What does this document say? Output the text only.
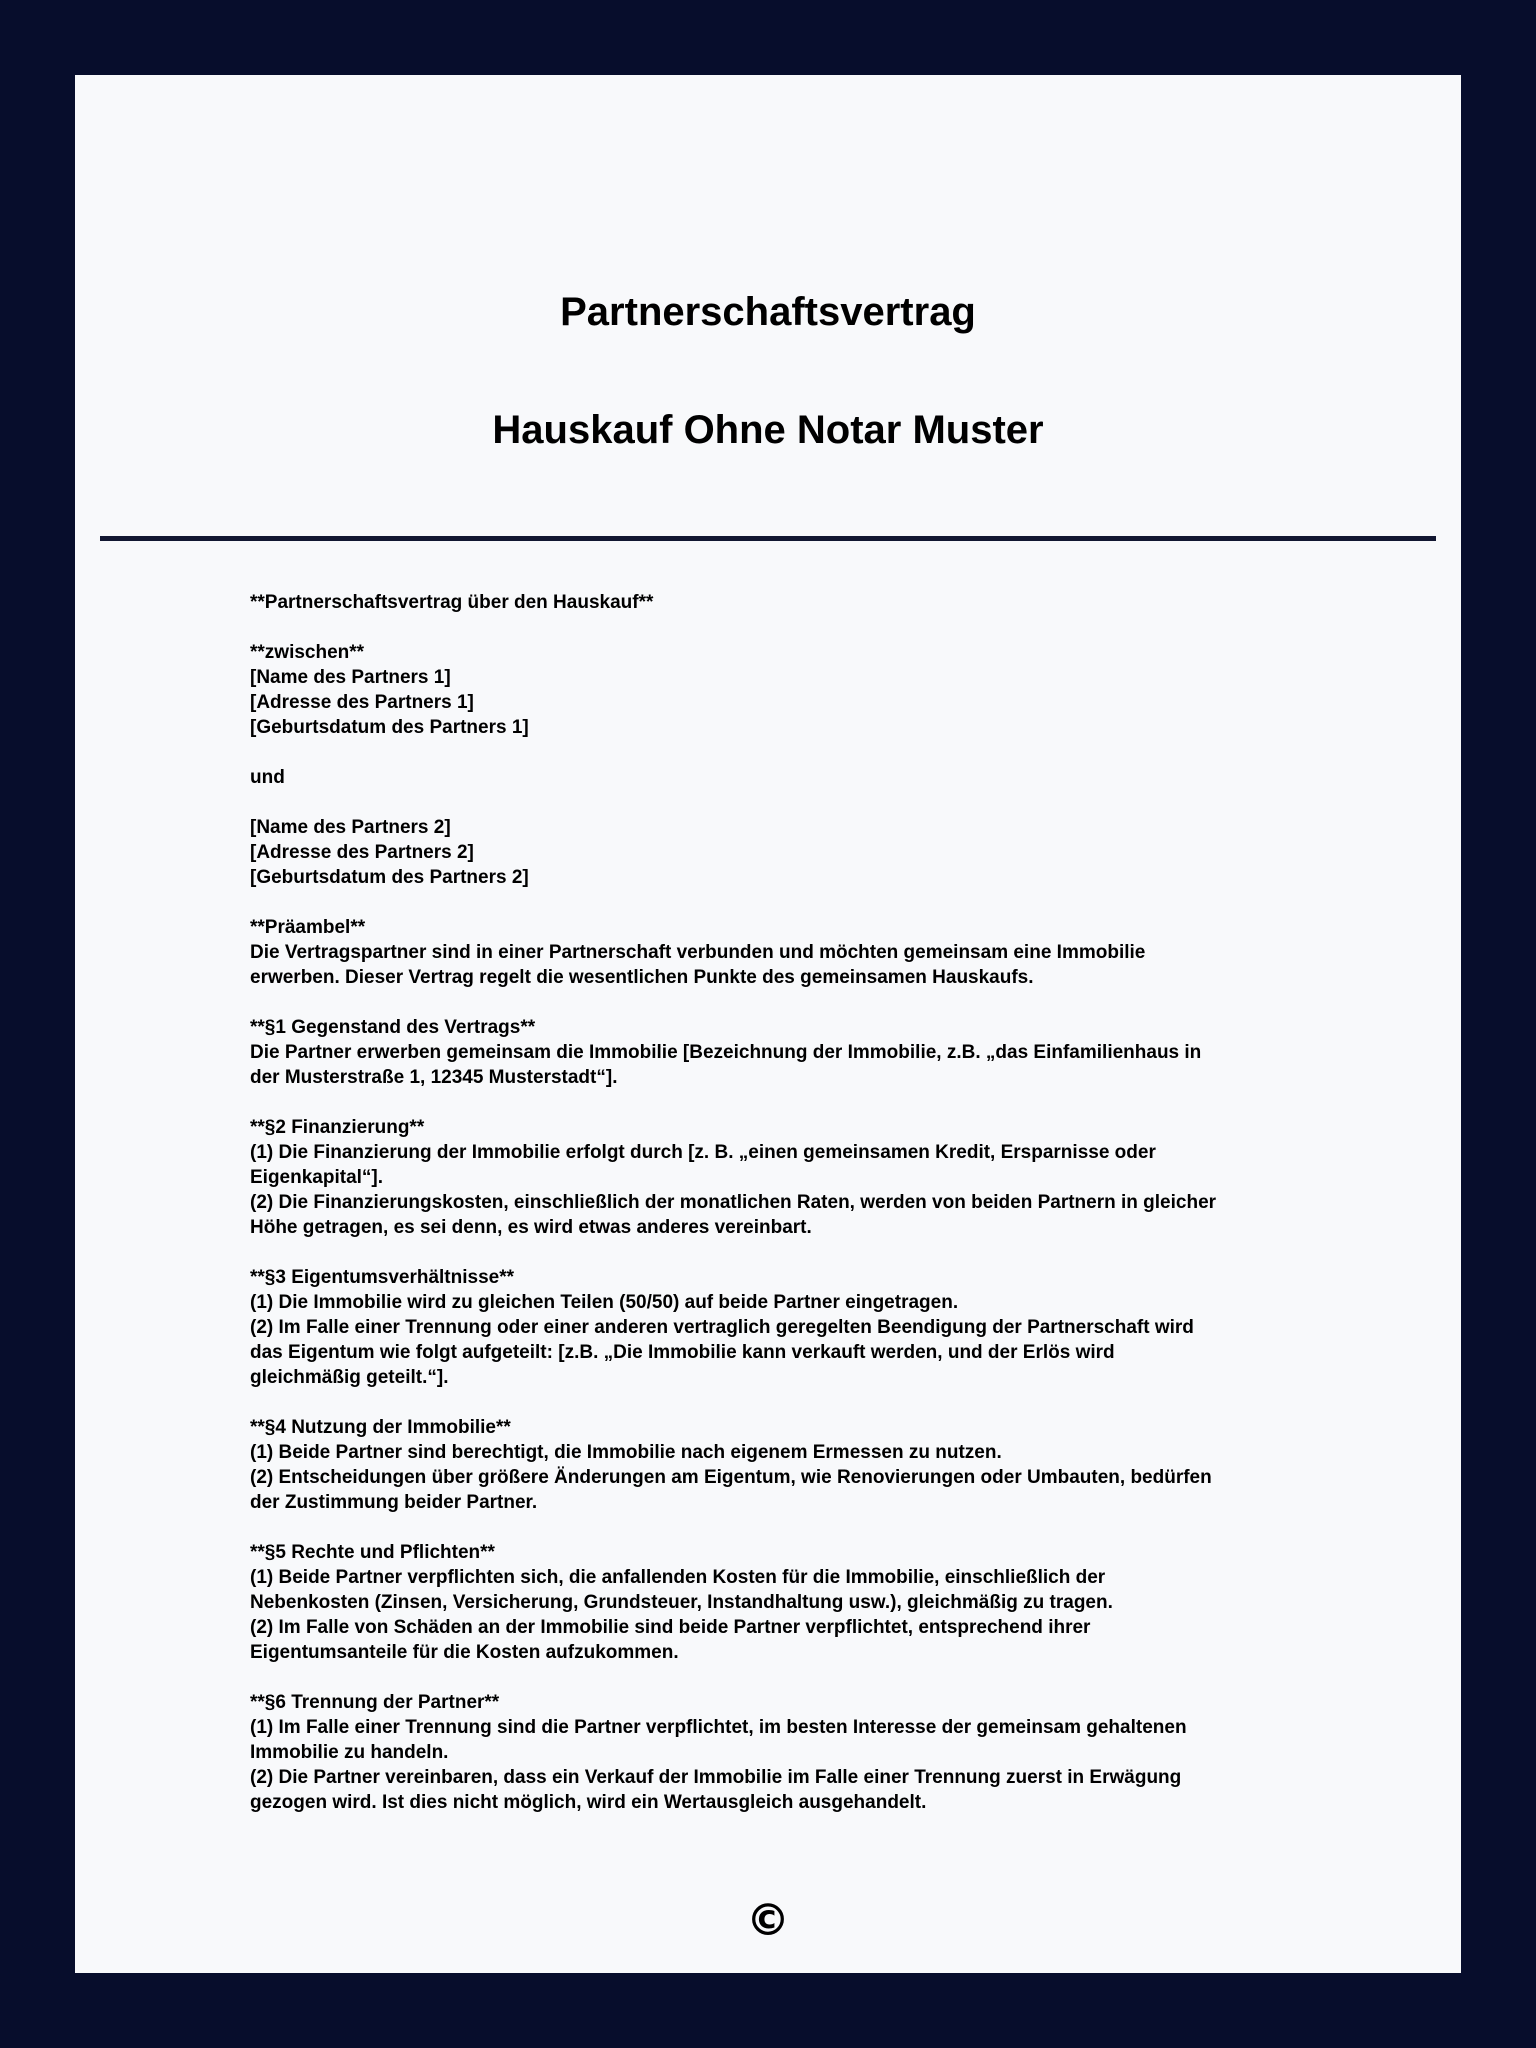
Partnerschaftsvertrag
Hauskauf Ohne Notar Muster
**Partnerschaftsvertrag über den Hauskauf**
**zwischen**
[Name des Partners 1]
[Adresse des Partners 1]
[Geburtsdatum des Partners 1]
und
[Name des Partners 2]
[Adresse des Partners 2]
[Geburtsdatum des Partners 2]
**Präambel**
Die Vertragspartner sind in einer Partnerschaft verbunden und möchten gemeinsam eine Immobilie
erwerben. Dieser Vertrag regelt die wesentlichen Punkte des gemeinsamen Hauskaufs.
**§1 Gegenstand des Vertrags**
Die Partner erwerben gemeinsam die Immobilie [Bezeichnung der Immobilie, z.B. „das Einfamilienhaus in
der Musterstraße 1, 12345 Musterstadt“].
**§2 Finanzierung**
(1) Die Finanzierung der Immobilie erfolgt durch [z. B. „einen gemeinsamen Kredit, Ersparnisse oder
Eigenkapital“].
(2) Die Finanzierungskosten, einschließlich der monatlichen Raten, werden von beiden Partnern in gleicher
Höhe getragen, es sei denn, es wird etwas anderes vereinbart.
**§3 Eigentumsverhältnisse**
(1) Die Immobilie wird zu gleichen Teilen (50/50) auf beide Partner eingetragen.
(2) Im Falle einer Trennung oder einer anderen vertraglich geregelten Beendigung der Partnerschaft wird
das Eigentum wie folgt aufgeteilt: [z.B. „Die Immobilie kann verkauft werden, und der Erlös wird
gleichmäßig geteilt.“].
**§4 Nutzung der Immobilie**
(1) Beide Partner sind berechtigt, die Immobilie nach eigenem Ermessen zu nutzen.
(2) Entscheidungen über größere Änderungen am Eigentum, wie Renovierungen oder Umbauten, bedürfen
der Zustimmung beider Partner.
**§5 Rechte und Pflichten**
(1) Beide Partner verpflichten sich, die anfallenden Kosten für die Immobilie, einschließlich der
Nebenkosten (Zinsen, Versicherung, Grundsteuer, Instandhaltung usw.), gleichmäßig zu tragen.
(2) Im Falle von Schäden an der Immobilie sind beide Partner verpflichtet, entsprechend ihrer
Eigentumsanteile für die Kosten aufzukommen.
**§6 Trennung der Partner**
(1) Im Falle einer Trennung sind die Partner verpflichtet, im besten Interesse der gemeinsam gehaltenen
Immobilie zu handeln.
(2) Die Partner vereinbaren, dass ein Verkauf der Immobilie im Falle einer Trennung zuerst in Erwägung
gezogen wird. Ist dies nicht möglich, wird ein Wertausgleich ausgehandelt.
©
